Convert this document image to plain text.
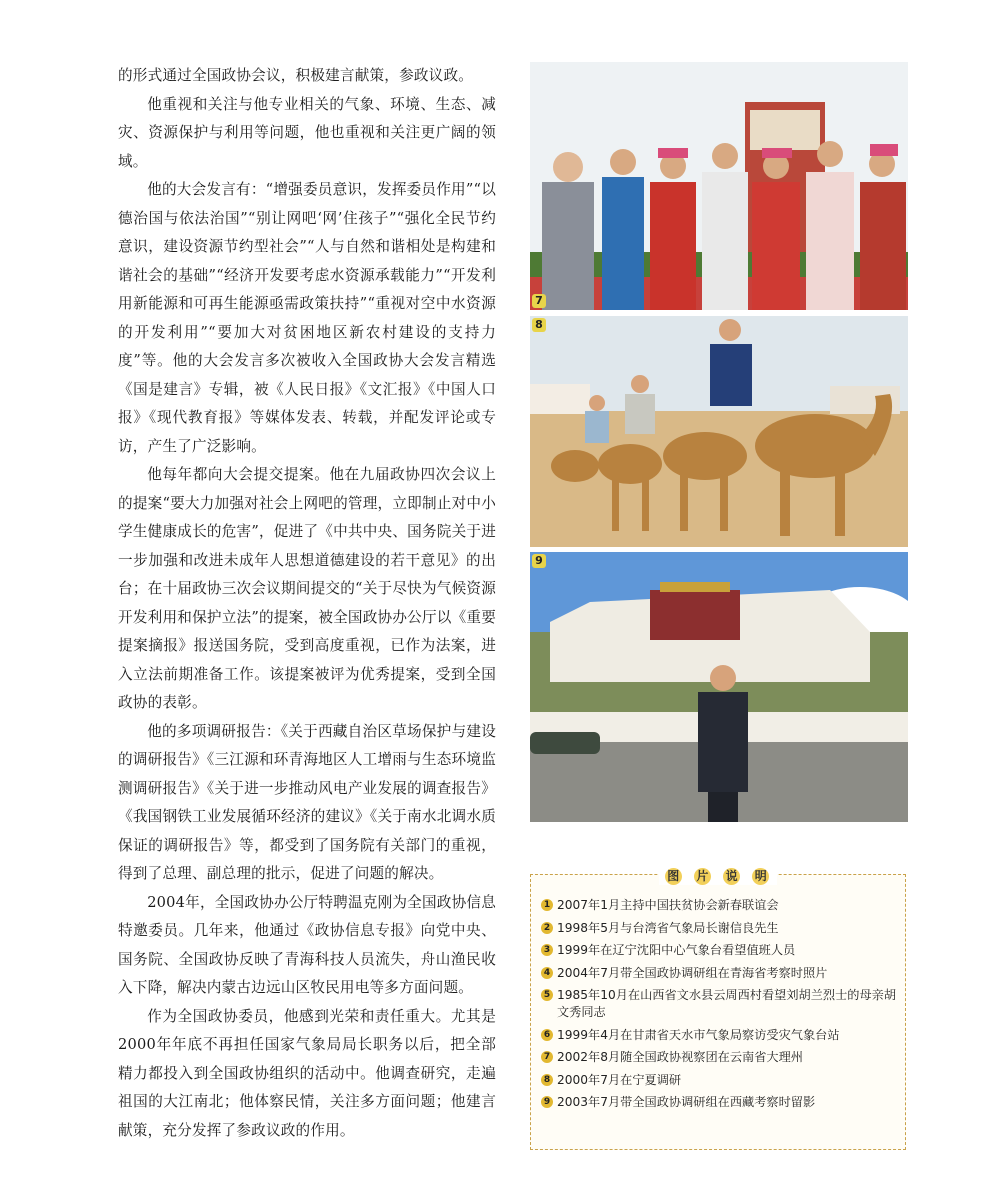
的形式通过全国政协会议，积极建言献策，参政议政。

他重视和关注与他专业相关的气象、环境、生态、减灾、资源保护与利用等问题，他也重视和关注更广阔的领域。

他的大会发言有：“增强委员意识，发挥委员作用”“以德治国与依法治国”“别让网吧‘网’住孩子”“强化全民节约意识，建设资源节约型社会”“人与自然和谐相处是构建和谐社会的基础”“经济开发要考虑水资源承载能力”“开发利用新能源和可再生能源亟需政策扶持”“重视对空中水资源的开发利用”“要加大对贫困地区新农村建设的支持力度”等。他的大会发言多次被收入全国政协大会发言精选《国是建言》专辑，被《人民日报》《文汇报》《中国人口报》《现代教育报》等媒体发表、转载，并配发评论或专访，产生了广泛影响。

他每年都向大会提交提案。他在九届政协四次会议上的提案“要大力加强对社会上网吧的管理，立即制止对中小学生健康成长的危害”，促进了《中共中央、国务院关于进一步加强和改进未成年人思想道德建设的若干意见》的出台；在十届政协三次会议期间提交的“关于尽快为气候资源开发利用和保护立法”的提案，被全国政协办公厅以《重要提案摘报》报送国务院，受到高度重视，已作为法案，进入立法前期准备工作。该提案被评为优秀提案，受到全国政协的表彰。

他的多项调研报告：《关于西藏自治区草场保护与建设的调研报告》《三江源和环青海地区人工增雨与生态环境监测调研报告》《关于进一步推动风电产业发展的调查报告》《我国钢铁工业发展循环经济的建议》《关于南水北调水质保证的调研报告》等，都受到了国务院有关部门的重视，得到了总理、副总理的批示，促进了问题的解决。

2004年，全国政协办公厅特聘温克刚为全国政协信息特邀委员。几年来，他通过《政协信息专报》向党中央、国务院、全国政协反映了青海科技人员流失，舟山渔民收入下降，解决内蒙古边远山区牧民用电等多方面问题。

作为全国政协委员，他感到光荣和责任重大。尤其是2000年年底不再担任国家气象局局长职务以后，把全部精力都投入到全国政协组织的活动中。他调查研究，走遍祖国的大江南北；他体察民情，关注多方面问题；他建言献策，充分发挥了参政议政的作用。

7
8
9
图 片 说 明
1 2007年1月主持中国扶贫协会新春联谊会
2 1998年5月与台湾省气象局长谢信良先生
3 1999年在辽宁沈阳中心气象台看望值班人员
4 2004年7月带全国政协调研组在青海省考察时照片
5 1985年10月在山西省文水县云周西村看望刘胡兰烈士的母亲胡文秀同志
6 1999年4月在甘肃省天水市气象局察访受灾气象台站
7 2002年8月随全国政协视察团在云南省大理州
8 2000年7月在宁夏调研
9 2003年7月带全国政协调研组在西藏考察时留影
